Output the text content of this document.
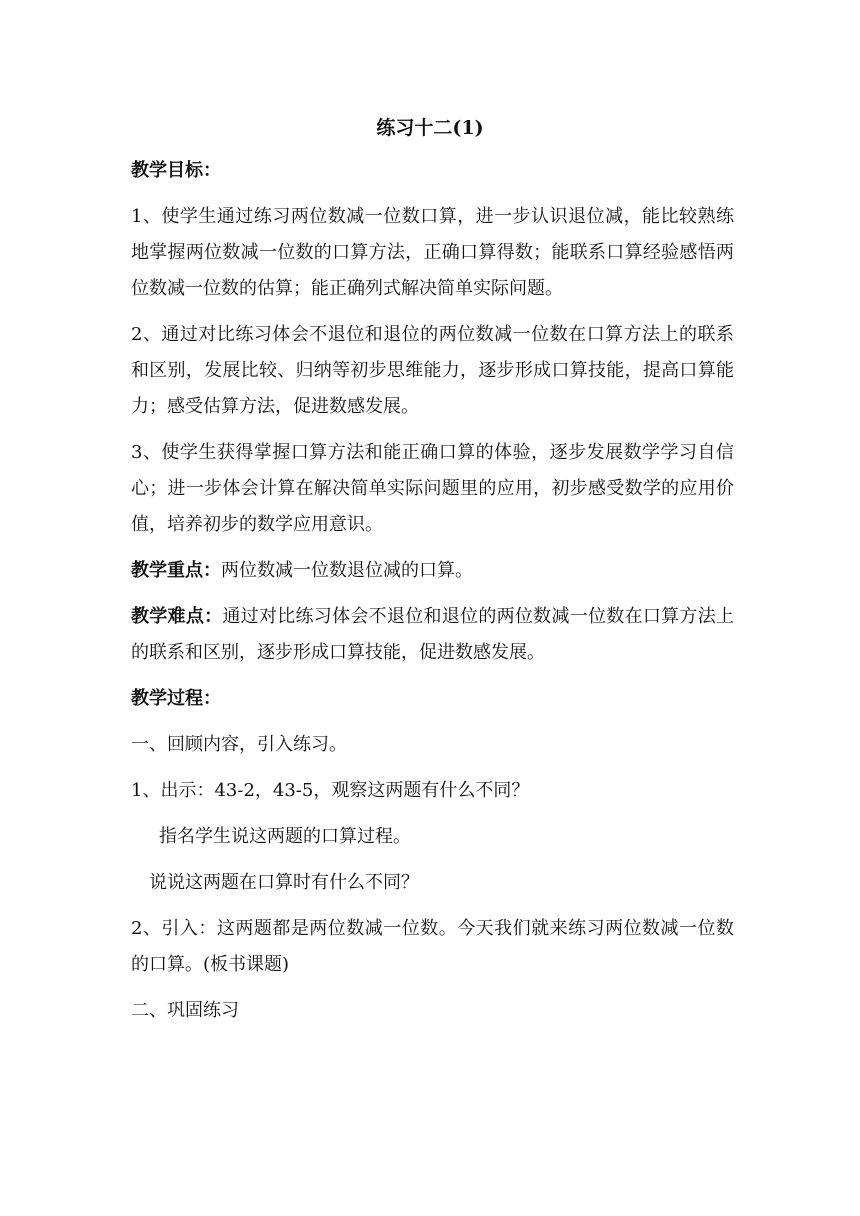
练习十二(1)

教学目标：

1、使学生通过练习两位数减一位数口算，进一步认识退位减，能比较熟练地掌握两位数减一位数的口算方法，正确口算得数；能联系口算经验感悟两位数减一位数的估算；能正确列式解决简单实际问题。

2、通过对比练习体会不退位和退位的两位数减一位数在口算方法上的联系和区别，发展比较、归纳等初步思维能力，逐步形成口算技能，提高口算能力；感受估算方法，促进数感发展。

3、使学生获得掌握口算方法和能正确口算的体验，逐步发展数学学习自信心；进一步体会计算在解决简单实际问题里的应用，初步感受数学的应用价值，培养初步的数学应用意识。

教学重点：两位数减一位数退位减的口算。

教学难点：通过对比练习体会不退位和退位的两位数减一位数在口算方法上的联系和区别，逐步形成口算技能，促进数感发展。

教学过程：

一、回顾内容，引入练习。

1、出示：43-2，43-5，观察这两题有什么不同？

指名学生说这两题的口算过程。

说说这两题在口算时有什么不同？

2、引入：这两题都是两位数减一位数。今天我们就来练习两位数减一位数的口算。(板书课题)

二、巩固练习
